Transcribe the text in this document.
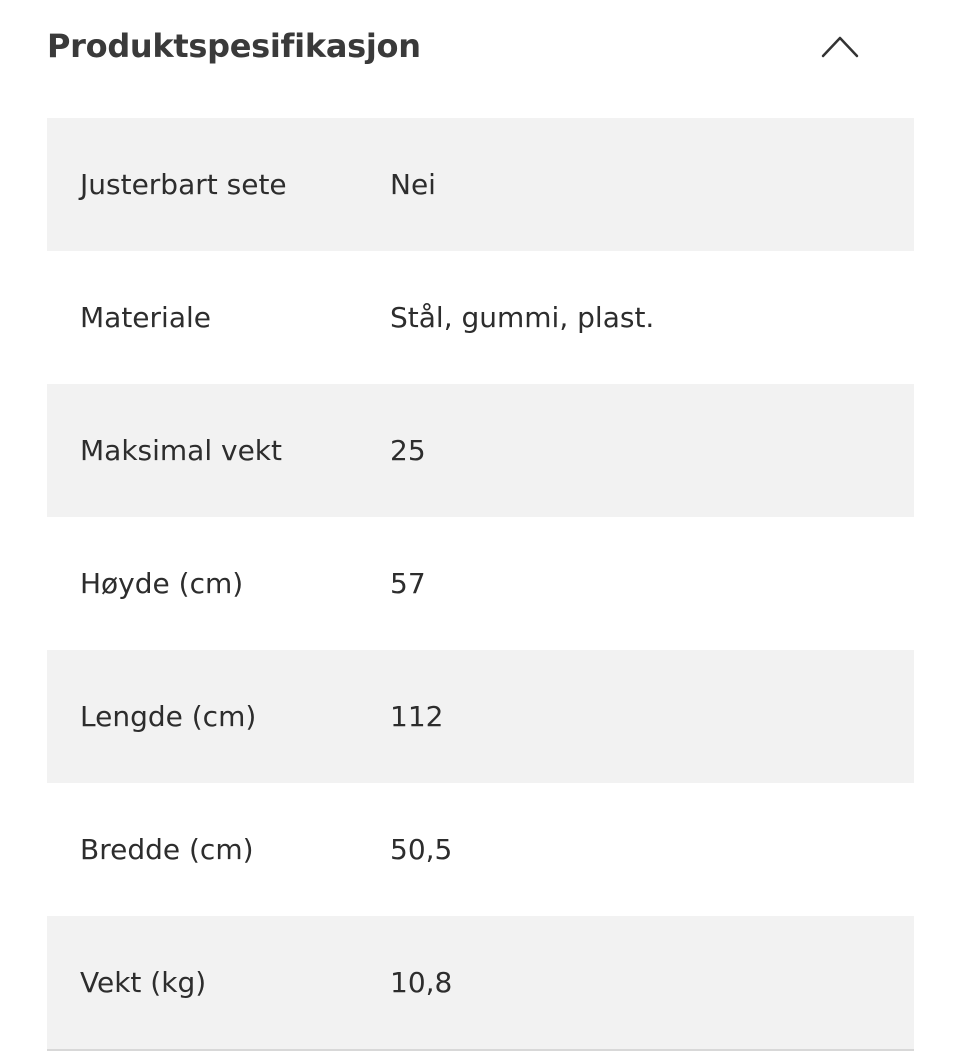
Produktspesifikasjon
Justerbart sete	Nei
Materiale	Stål, gummi, plast.
Maksimal vekt	25
Høyde (cm)	57
Lengde (cm)	112
Bredde (cm)	50,5
Vekt (kg)	10,8
